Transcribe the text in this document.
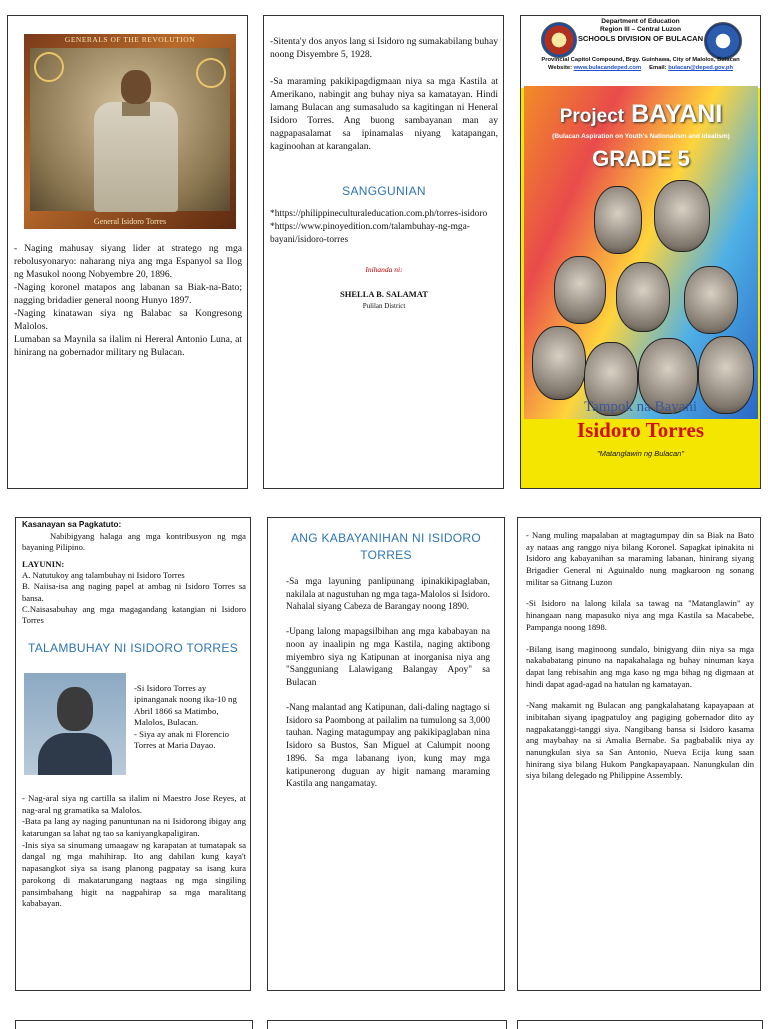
GENERALS OF THE REVOLUTION
General Isidoro Torres

- Naging mahusay siyang lider at stratego ng mga rebolusyonaryo: naharang niya ang mga Espanyol sa Ilog ng Masukol noong Nobyembre 20, 1896.

-Naging koronel matapos ang labanan sa Biak-na-Bato; nagging bridadier general noong Hunyo 1897.

-Naging kinatawan siya ng Balabac sa Kongresong Malolos.

Lumaban sa Maynila sa ilalim ni Hereral Antonio Luna, at hinirang na gobernador military ng Bulacan.

-Sitenta'y dos anyos lang si Isidoro ng sumakabilang buhay noong Disyembre 5, 1928.

-Sa maraming pakikipagdigmaan niya sa mga Kastila at Amerikano, nabingit ang buhay niya sa kamatayan. Hindi lamang Bulacan ang sumasaludo sa kagitingan ni Heneral Isidoro Torres. Ang buong sambayanan man ay nagpapasalamat sa ipinamalas niyang katapangan, kaginoohan at karangalan.

SANGGUNIAN
*https://philippineculturaleducation.com.ph/torres-isidoro
*https://www.pinoyedition.com/talambuhay-ng-mga-bayani/isidoro-torres
Inihanda ni:
SHELLA B. SALAMAT
Pulilan District
Department of Education
Region III – Central Luzon
SCHOOLS DIVISION OF BULACAN
Provincial Capitol Compound, Brgy. Guinhawa, City of Malolos, Bulacan
Website: www.bulacandeped.com Email: bulacan@deped.gov.ph
Project BAYANI
(Bulacan Aspiration on Youth's Nationalism and Idealism)
GRADE 5
Tampok na Bayani
Isidoro Torres
"Matanglawin ng Bulacan"
Kasanayan sa Pagkatuto:

Nabibigyang halaga ang mga kontribusyon ng mga bayaning Pilipino.

LAYUNIN:
A. Natutukoy ang talambuhay ni Isidoro Torres
B. Naiisa-isa ang naging papel at ambag ni Isidoro Torres sa bansa.
C.Naisasabuhay ang mga magagandang katangian ni Isidoro Torres
TALAMBUHAY NI ISIDORO TORRES
-Si Isidoro Torres ay ipinanganak noong ika-10 ng Abril 1866 sa Matimbo, Malolos, Bulacan.
- Siya ay anak ni Florencio Torres at Maria Dayao.

- Nag-aral siya ng cartilla sa ilalim ni Maestro Jose Reyes, at nag-aral ng gramatika sa Malolos.

-Bata pa lang ay naging panuntunan na ni Isidorong ibigay ang katarungan sa lahat ng tao sa kaniyangkapaligiran.

-Inis siya sa sinumang umaagaw ng karapatan at tumatapak sa dangal ng mga mahihirap. Ito ang dahilan kung kaya't napasangkot siya sa isang planong pagpatay sa isang kura parokong di makatarungang nagtaas ng mga singiling pansimbahang higit na nagpahirap sa mga maralitang kababayan.

ANG KABAYANIHAN NI ISIDORO TORRES

-Sa mga layuning panlipunang ipinakikipaglaban, nakilala at nagustuhan ng mga taga-Malolos si Isidoro. Nahalal siyang Cabeza de Barangay noong 1890.

-Upang lalong mapagsilbihan ang mga kababayan na noon ay inaalipin ng mga Kastila, naging aktibong miyembro siya ng Katipunan at inorganisa niya ang "Sangguniang Lalawigang Balangay Apoy" sa Bulacan

-Nang malantad ang Katipunan, dali-daling nagtago si Isidoro sa Paombong at pailalim na tumulong sa 3,000 tauhan. Naging matagumpay ang pakikipaglaban nina Isidoro sa Bustos, San Miguel at Calumpit noong 1896. Sa mga labanang iyon, kung may mga katipunerong duguan ay higit namang maraming Kastila ang nangamatay.

- Nang muling mapalaban at magtagumpay din sa Biak na Bato ay nataas ang ranggo niya bilang Koronel. Sapagkat ipinakita ni Isidoro ang kabayanihan sa maraming labanan, hinirang siyang Brigadier General ni Aguinaldo nung magkaroon ng sonang militar sa Gitnang Luzon

-Si Isidoro na lalong kilala sa tawag na "Matanglawin" ay hinangaan nang mapasuko niya ang mga Kastila sa Macabebe, Pampanga noong 1898.

-Bilang isang maginoong sundalo, binigyang diin niya sa mga nakababatang pinuno na napakahalaga ng buhay ninuman kaya dapat lang rebisahin ang mga kaso ng mga bihag ng digmaan at hindi dapat agad-agad na hatulan ng kamatayan.

-Nang makamit ng Bulacan ang pangkalahatang kapayapaan at inibitahan siyang ipagpatuloy ang pagiging gobernador dito ay nagpakatanggi-tanggi siya. Nangibang bansa si Isidoro kasama ang maybahay na si Amalia Bernabe. Sa pagbabalik niya ay nanungkulan siya sa San Antonio, Nueva Ecija kung saan hinirang siya bilang Hukom Pangkapayapaan. Nanungkulan din siya bilang delegado ng Philippine Assembly.
